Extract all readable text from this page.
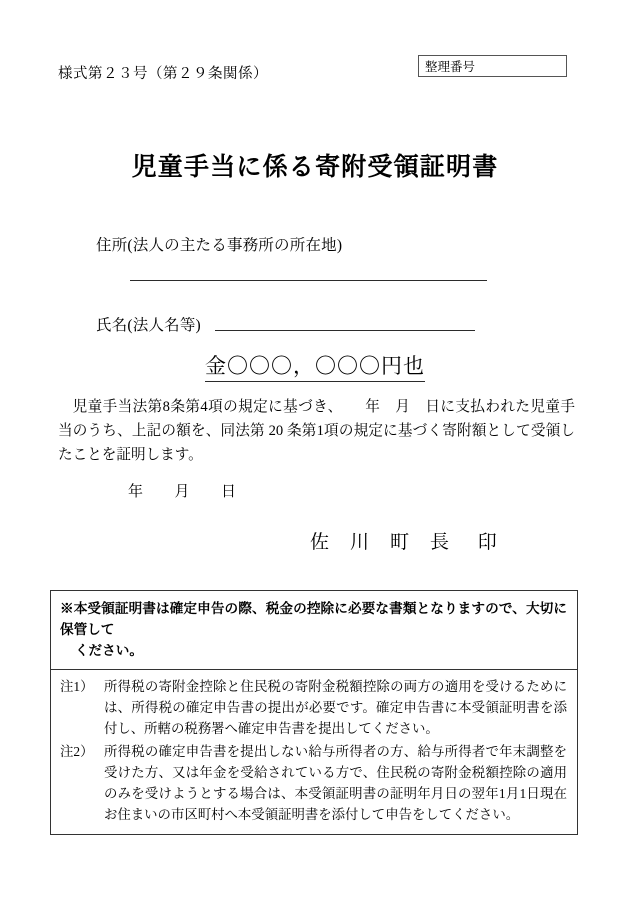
様式第２３号（第２９条関係）	整理番号
児童手当に係る寄附受領証明書
住所(法人の主たる事務所の所在地)
氏名(法人名等)
金〇〇〇，〇〇〇円也
児童手当法第8条第4項の規定に基づき、　　年　月　日に支払われた児童手当のうち、上記の額を、同法第 20 条第1項の規定に基づく寄附額として受領したことを証明します。
年　　月　　日
佐　川　町　長 印
※本受領証明書は確定申告の際、税金の控除に必要な書類となりますので、大切に保管して
ください。
注1） 所得税の寄附金控除と住民税の寄附金税額控除の両方の適用を受けるためには、所得税の確定申告書の提出が必要です。確定申告書に本受領証明書を添付し、所轄の税務署へ確定申告書を提出してください。
注2） 所得税の確定申告書を提出しない給与所得者の方、給与所得者で年末調整を受けた方、又は年金を受給されている方で、住民税の寄附金税額控除の適用のみを受けようとする場合は、本受領証明書の証明年月日の翌年1月1日現在お住まいの市区町村へ本受領証明書を添付して申告をしてください。
